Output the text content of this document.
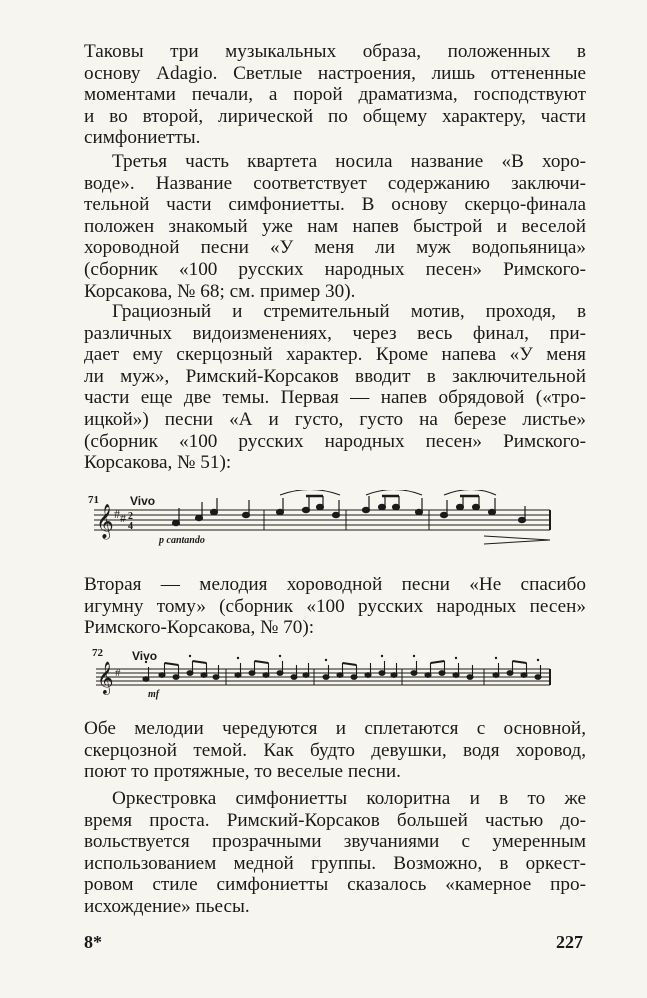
Таковы три музыкальных образа, положенных в
основу Adagio. Светлые настроения, лишь оттененные
моментами печали, а порой драматизма, господствуют
и во второй, лирической по общему характеру, части
симфониетты.
Третья часть квартета носила название «В хоро-
воде». Название соответствует содержанию заключи-
тельной части симфониетты. В основу скерцо-финала
положен знакомый уже нам напев быстрой и веселой
хороводной песни «У меня ли муж водопьяница»
(сборник «100 русских народных песен» Римского-
Корсакова, № 68; см. пример 30).
Грациозный и стремительный мотив, проходя, в
различных видоизменениях, через весь финал, при-
дает ему скерцозный характер. Кроме напева «У меня
ли муж», Римский-Корсаков вводит в заключительной
части еще две темы. Первая — напев обрядовой («тро-
ицкой») песни «А и густо, густо на березе листье»
(сборник «100 русских народных песен» Римского-
Корсакова, № 51):
71	Vivo
p cantando
𝄞 # # 2
4
Вторая — мелодия хороводной песни «Не спасибо
игумну тому» (сборник «100 русских народных песен»
Римского-Корсакова, № 70):
72 Vivo
mf
𝄞 #
Обе мелодии чередуются и сплетаются с основной,
скерцозной темой. Как будто девушки, водя хоровод,
поют то протяжные, то веселые песни.
Оркестровка симфониетты колоритна и в то же
время проста. Римский-Корсаков большей частью до-
вольствуется прозрачными звучаниями с умеренным
использованием медной группы. Возможно, в оркест-
ровом стиле симфониетты сказалось «камерное про-
исхождение» пьесы.
8*	227
